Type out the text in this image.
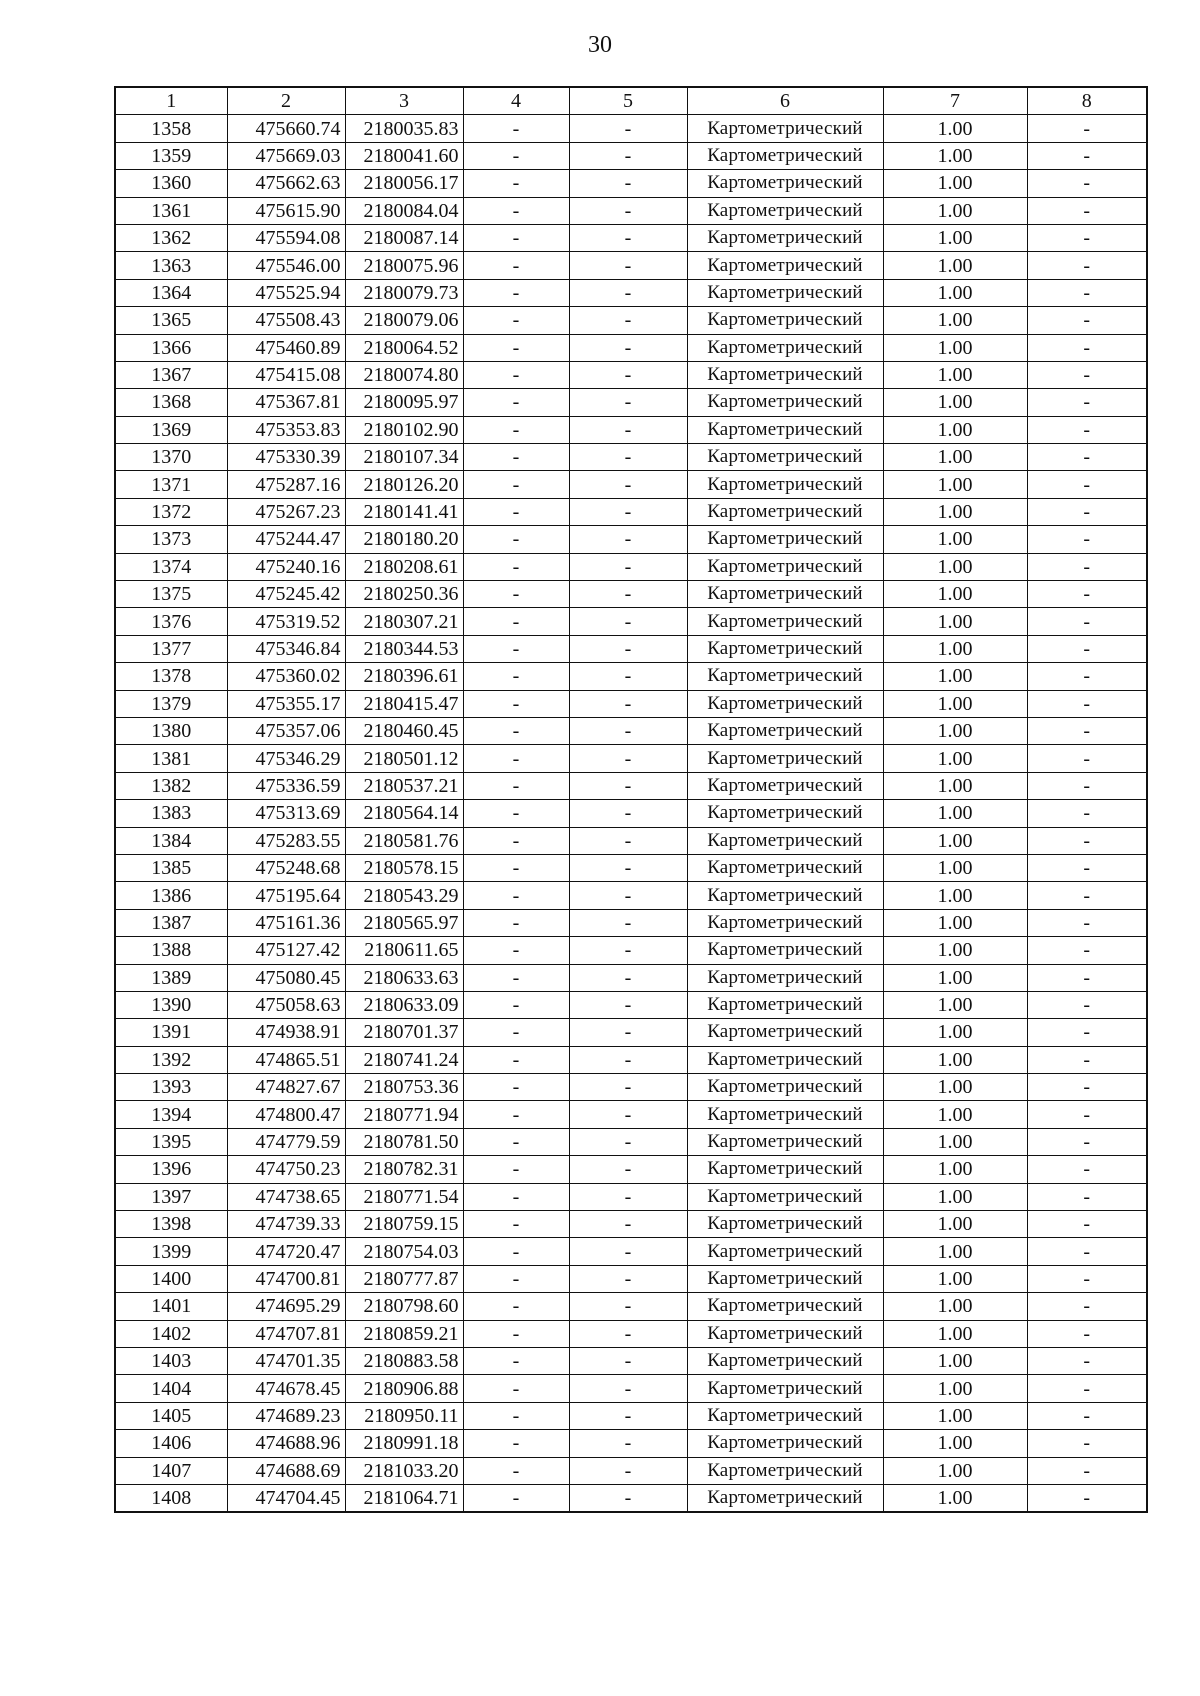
30
1	2	3	4	5	6	7	8
1358	475660.74	2180035.83	-	-	Картометрический	1.00	-
1359	475669.03	2180041.60	-	-	Картометрический	1.00	-
1360	475662.63	2180056.17	-	-	Картометрический	1.00	-
1361	475615.90	2180084.04	-	-	Картометрический	1.00	-
1362	475594.08	2180087.14	-	-	Картометрический	1.00	-
1363	475546.00	2180075.96	-	-	Картометрический	1.00	-
1364	475525.94	2180079.73	-	-	Картометрический	1.00	-
1365	475508.43	2180079.06	-	-	Картометрический	1.00	-
1366	475460.89	2180064.52	-	-	Картометрический	1.00	-
1367	475415.08	2180074.80	-	-	Картометрический	1.00	-
1368	475367.81	2180095.97	-	-	Картометрический	1.00	-
1369	475353.83	2180102.90	-	-	Картометрический	1.00	-
1370	475330.39	2180107.34	-	-	Картометрический	1.00	-
1371	475287.16	2180126.20	-	-	Картометрический	1.00	-
1372	475267.23	2180141.41	-	-	Картометрический	1.00	-
1373	475244.47	2180180.20	-	-	Картометрический	1.00	-
1374	475240.16	2180208.61	-	-	Картометрический	1.00	-
1375	475245.42	2180250.36	-	-	Картометрический	1.00	-
1376	475319.52	2180307.21	-	-	Картометрический	1.00	-
1377	475346.84	2180344.53	-	-	Картометрический	1.00	-
1378	475360.02	2180396.61	-	-	Картометрический	1.00	-
1379	475355.17	2180415.47	-	-	Картометрический	1.00	-
1380	475357.06	2180460.45	-	-	Картометрический	1.00	-
1381	475346.29	2180501.12	-	-	Картометрический	1.00	-
1382	475336.59	2180537.21	-	-	Картометрический	1.00	-
1383	475313.69	2180564.14	-	-	Картометрический	1.00	-
1384	475283.55	2180581.76	-	-	Картометрический	1.00	-
1385	475248.68	2180578.15	-	-	Картометрический	1.00	-
1386	475195.64	2180543.29	-	-	Картометрический	1.00	-
1387	475161.36	2180565.97	-	-	Картометрический	1.00	-
1388	475127.42	2180611.65	-	-	Картометрический	1.00	-
1389	475080.45	2180633.63	-	-	Картометрический	1.00	-
1390	475058.63	2180633.09	-	-	Картометрический	1.00	-
1391	474938.91	2180701.37	-	-	Картометрический	1.00	-
1392	474865.51	2180741.24	-	-	Картометрический	1.00	-
1393	474827.67	2180753.36	-	-	Картометрический	1.00	-
1394	474800.47	2180771.94	-	-	Картометрический	1.00	-
1395	474779.59	2180781.50	-	-	Картометрический	1.00	-
1396	474750.23	2180782.31	-	-	Картометрический	1.00	-
1397	474738.65	2180771.54	-	-	Картометрический	1.00	-
1398	474739.33	2180759.15	-	-	Картометрический	1.00	-
1399	474720.47	2180754.03	-	-	Картометрический	1.00	-
1400	474700.81	2180777.87	-	-	Картометрический	1.00	-
1401	474695.29	2180798.60	-	-	Картометрический	1.00	-
1402	474707.81	2180859.21	-	-	Картометрический	1.00	-
1403	474701.35	2180883.58	-	-	Картометрический	1.00	-
1404	474678.45	2180906.88	-	-	Картометрический	1.00	-
1405	474689.23	2180950.11	-	-	Картометрический	1.00	-
1406	474688.96	2180991.18	-	-	Картометрический	1.00	-
1407	474688.69	2181033.20	-	-	Картометрический	1.00	-
1408	474704.45	2181064.71	-	-	Картометрический	1.00	-
